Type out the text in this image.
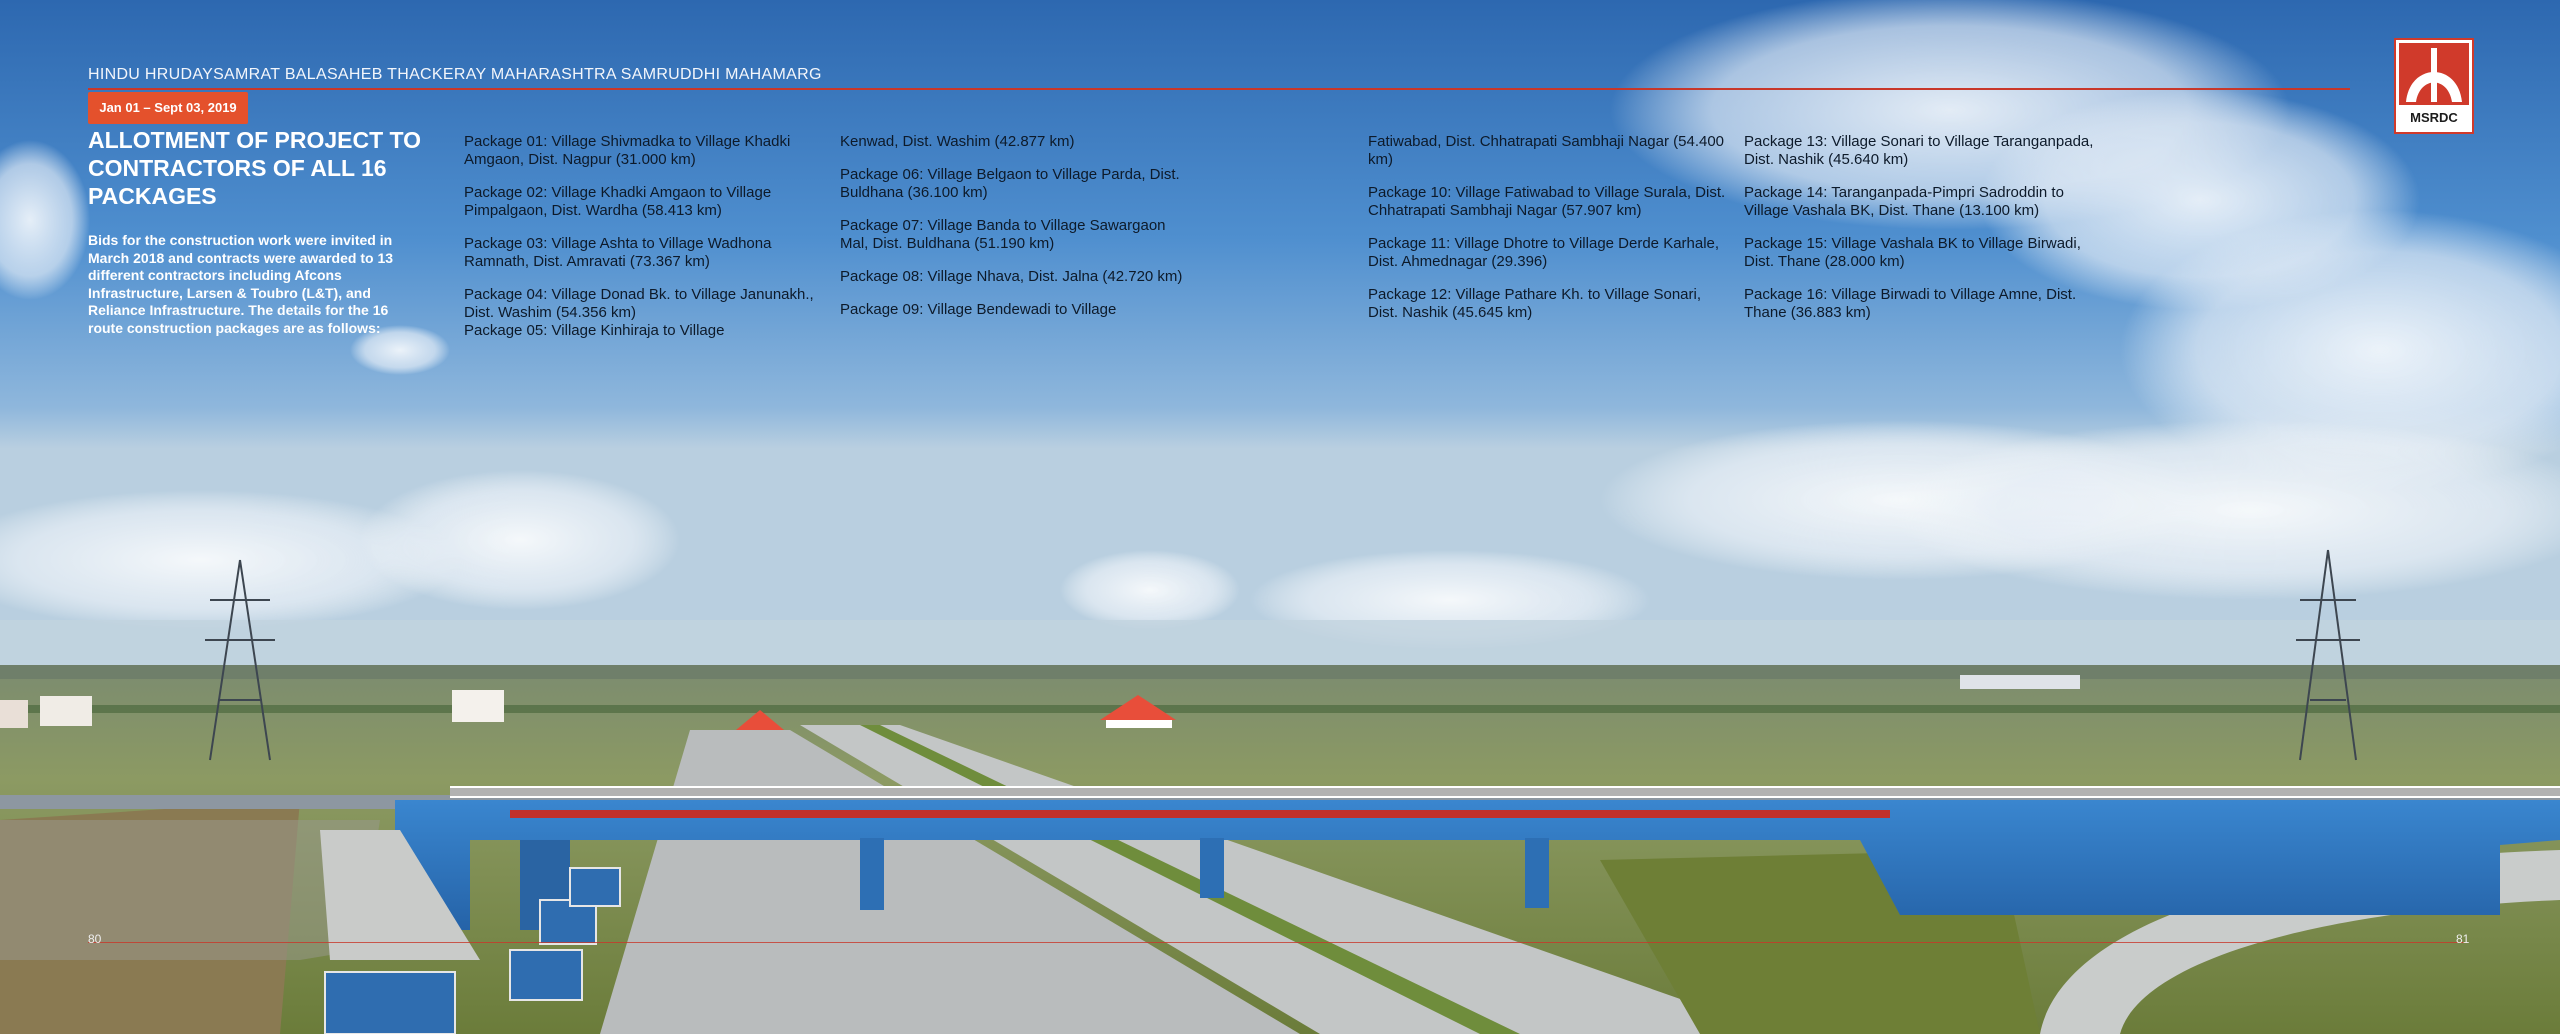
HINDU HRUDAYSAMRAT BALASAHEB THACKERAY MAHARASHTRA SAMRUDDHI MAHAMARG
Jan 01 – Sept 03, 2019
MSRDC
ALLOTMENT OF PROJECT TO CONTRACTORS OF ALL 16 PACKAGES
Bids for the construction work were invited in March 2018 and contracts were awarded to 13 different contractors including Afcons Infrastructure, Larsen & Toubro (L&T), and Reliance Infrastructure. The details for the 16 route construction packages are as follows:

Package 01: Village Shivmadka to Village Khadki Amgaon, Dist. Nagpur (31.000 km)

Package 02: Village Khadki Amgaon to Village Pimpalgaon, Dist. Wardha (58.413 km)

Package 03: Village Ashta to Village Wadhona Ramnath, Dist. Amravati (73.367 km)

Package 04: Village Donad Bk. to Village Janunakh., Dist. Washim (54.356 km)

Package 05: Village Kinhiraja to Village

Kenwad, Dist. Washim (42.877 km)

Package 06: Village Belgaon to Village Parda, Dist. Buldhana (36.100 km)

Package 07: Village Banda to Village Sawargaon Mal, Dist. Buldhana (51.190 km)

Package 08: Village Nhava, Dist. Jalna (42.720 km)

Package 09: Village Bendewadi to Village

Fatiwabad, Dist. Chhatrapati Sambhaji Nagar (54.400 km)

Package 10: Village Fatiwabad to Village Surala, Dist. Chhatrapati Sambhaji Nagar (57.907 km)

Package 11: Village Dhotre to Village Derde Karhale, Dist. Ahmednagar (29.396)

Package 12: Village Pathare Kh. to Village Sonari, Dist. Nashik (45.645 km)

Package 13: Village Sonari to Village Taranganpada, Dist. Nashik (45.640 km)

Package 14: Taranganpada-Pimpri Sadroddin to Village Vashala BK, Dist. Thane (13.100 km)

Package 15: Village Vashala BK to Village Birwadi, Dist. Thane (28.000 km)

Package 16: Village Birwadi to Village Amne, Dist. Thane (36.883 km)

80	81
